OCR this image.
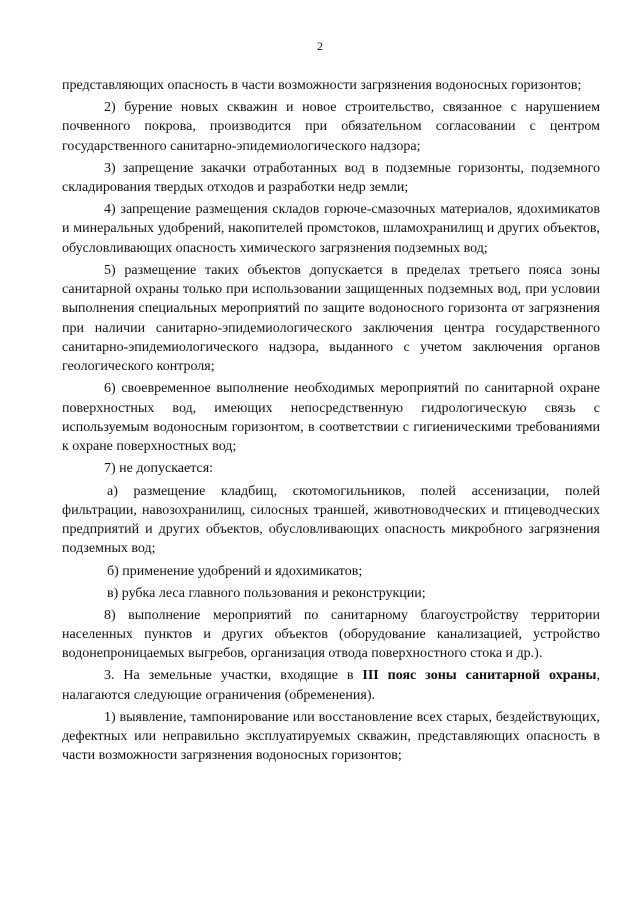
2

представляющих опасность в части возможности загрязнения водоносных горизонтов;

2) бурение новых скважин и новое строительство, связанное с нарушением почвенного покрова, производится при обязательном согласовании с центром государственного санитарно-эпидемиологического надзора;

3) запрещение закачки отработанных вод в подземные горизонты, подземного складирования твердых отходов и разработки недр земли;

4) запрещение размещения складов горюче-смазочных материалов, ядохимикатов и минеральных удобрений, накопителей промстоков, шламохранилищ и других объектов, обусловливающих опасность химического загрязнения подземных вод;

5) размещение таких объектов допускается в пределах третьего пояса зоны санитарной охраны только при использовании защищенных подземных вод, при условии выполнения специальных мероприятий по защите водоносного горизонта от загрязнения при наличии санитарно-эпидемиологического заключения центра государственного санитарно-эпидемиологического надзора, выданного с учетом заключения органов геологического контроля;

6) своевременное выполнение необходимых мероприятий по санитарной охране поверхностных вод, имеющих непосредственную гидрологическую связь с используемым водоносным горизонтом, в соответствии с гигиеническими требованиями к охране поверхностных вод;

7) не допускается:

а) размещение кладбищ, скотомогильников, полей ассенизации, полей фильтрации, навозохранилищ, силосных траншей, животноводческих и птицеводческих предприятий и других объектов, обусловливающих опасность микробного загрязнения подземных вод;

б) применение удобрений и ядохимикатов;

в) рубка леса главного пользования и реконструкции;

8) выполнение мероприятий по санитарному благоустройству территории населенных пунктов и других объектов (оборудование канализацией, устройство водонепроницаемых выгребов, организация отвода поверхностного стока и др.).

3. На земельные участки, входящие в III пояс зоны санитарной охраны, налагаются следующие ограничения (обременения).

1) выявление, тампонирование или восстановление всех старых, бездействующих, дефектных или неправильно эксплуатируемых скважин, представляющих опасность в части возможности загрязнения водоносных горизонтов;
